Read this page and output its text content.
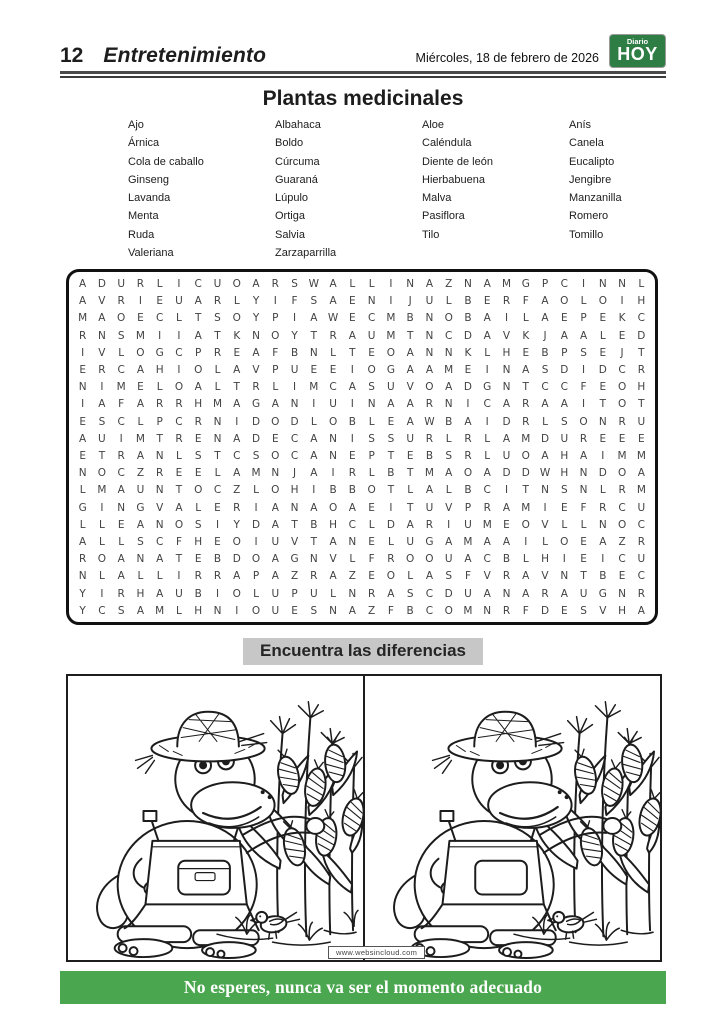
12 Entretenimiento	Miércoles, 18 de febrero de 2026
Diario
HOY
Plantas medicinales
Ajo
Árnica
Cola de caballo
Ginseng
Lavanda
Menta
Ruda
Valeriana
Albahaca
Boldo
Cúrcuma
Guaraná
Lúpulo
Ortiga
Salvia
Zarzaparrilla
Aloe
Caléndula
Diente de león
Hierbabuena
Malva
Pasiflora
Tilo
Anís
Canela
Eucalipto
Jengibre
Manzanilla
Romero
Tomillo
A	D	U	R	L	I	C	U	O	A	R	S	W A	L	L	I	N	A	Z	N	A	M	G	P	C	I	N	N	L
A	V	R	I	E	U	A	R	L	Y	I	F	S	A	E	N	I	J	U	L	B	E	R	F	A	O	L	O	I	H
M	A	O	E	C	L	T	S	O	Y	P	I	A W	E	C	M	B	N	O	B	A	I	L	A	E	P	E	K	C
R	N	S	M	I	I	A	T	K	N	O	Y	T	R	A	U	M	T	N	C	D	A	V	K	J	A	A	L	E	D
I	V	L	O	G	C	P	R	E	A	F	B	N	L	T	E	O	A	N	N	K	L	H	E	B	P	S	E	J	T
E	R	C	A	H	I	O	L	A	V	P	U	E	E	I	O	G	A	A	M	E	I	N	A	S	D	I	D	C	R
N	I	M	E	L	O	A	L	T	R	L	I	M	C	A	S	U	V	O	A	D	G	N	T	C	C	F	E	O	H
I	A	F	A	R	R	H	M	A	G	A	N	I	U	I	N	A	A	R	N	I	C	A	R	A	A	I	T	O	T
E	S	C	L	P	C	R	N	I	D	O	D	L	O	B	L	E	A W B	A	I	D	R	L	S	O	N	R	U
A	U	I	M	T	R	E	N	A	D	E	C	A	N	I	S	S	U	R	L	R	L	A	M	D	U	R	E	E	E
E	T	R	A	N	L	S	T	C	S	O	C	A	N	E	P	T	E	B	S	R	L	U	O	A	H	A	I	M M
N	O	C	Z	R	E	E	L	A	M	N	J	A	I	R	L	B	T	M	A	O	A	D	D W H	N	D	O	A
L	M	A	U	N	T	O	C	Z	L	O	H	I	B	B	O	T	L	A	L	B	C	I	T	N	S	N	L	R	M
G	I	N	G	V	A	L	E	R	I	A	N	A	O	A	E	I	T	U	V	P	R	A	M	I	E	F	R	C	U
L	L	E	A	N	O	S	I	Y	D	A	T	B	H	C	L	D	A	R	I	U	M	E	O	V	L	L	N	O	C
A	L	L	S	C	F	H	E	O	I	U	V	T	A	N	E	L	U	G	A	M	A	A	I	L	O	E	A	Z	R
R	O	A	N	A	T	E	B	D	O	A	G	N	V	L	F	R	O	O	U	A	C	B	L	H	I	E	I	C	U
N	L	A	L	L	I	R	R	A	P	A	Z	R	A	Z	E	O	L	A	S	F	V	R	A	V	N	T	B	E	C
Y	I	R	H	A	U	B	I	O	L	U	P	U	L	N	R	A	S	C	D	U	A	N	A	R	A	U	G	N	R
Y	C	S	A	M	L	H	N	I	O	U	E	S	N	A	Z	F	B	C	O	M	N	R	F	D	E	S	V	H	A
Encuentra las diferencias
www.websincloud.com
No esperes, nunca va ser el momento adecuado
